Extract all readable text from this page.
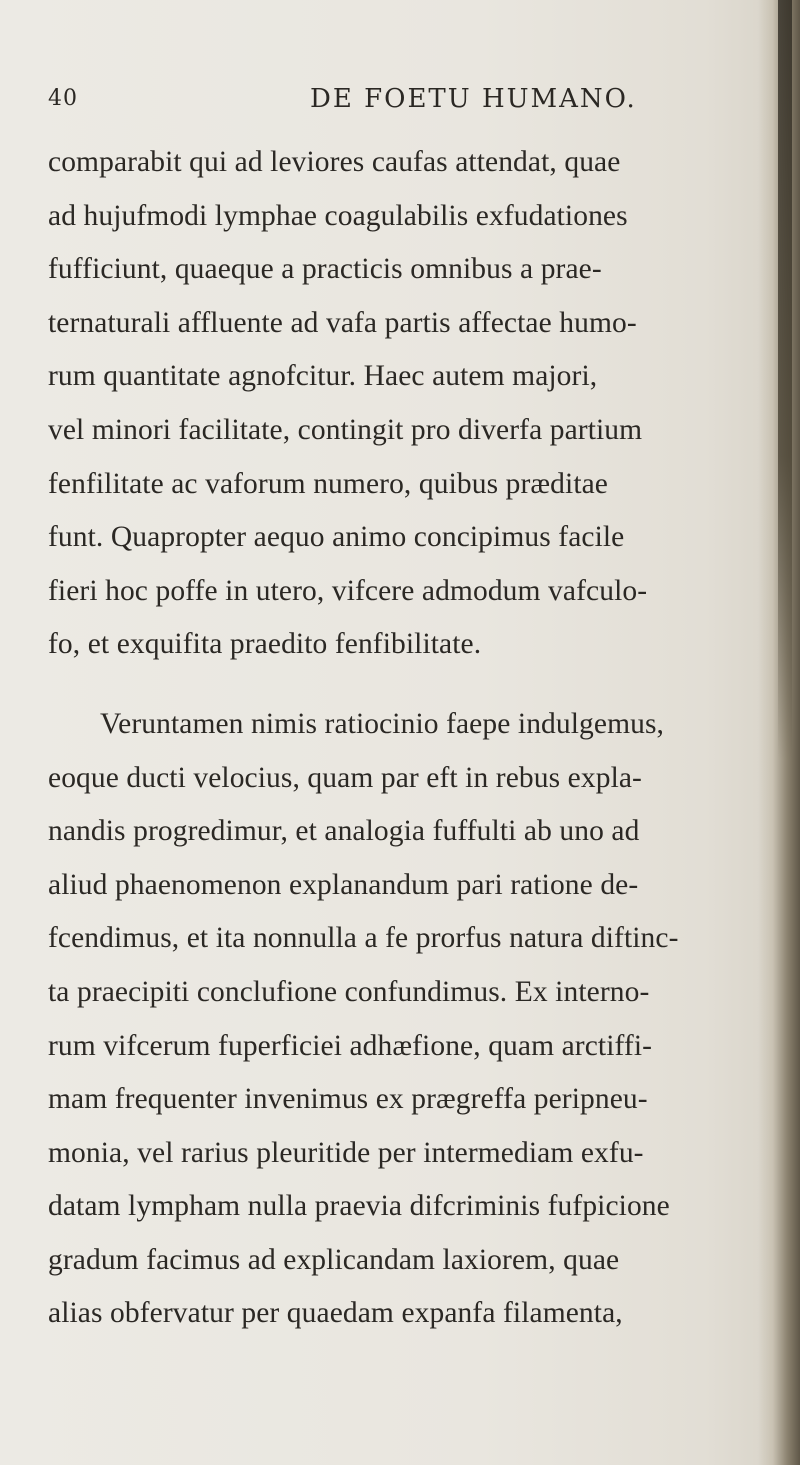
40	DE FOETU HUMANO.
comparabit qui ad leviores caufas attendat, quae
ad hujufmodi lymphae coagulabilis exfudationes
fufficiunt, quaeque a practicis omnibus a prae-
ternaturali affluente ad vafa partis affectae humo-
rum quantitate agnofcitur. Haec autem majori,
vel minori facilitate, contingit pro diverfa partium
fenfilitate ac vaforum numero, quibus præditae
funt. Quapropter aequo animo concipimus facile
fieri hoc poffe in utero, vifcere admodum vafculo-
fo, et exquifita praedito fenfibilitate.
Veruntamen nimis ratiocinio faepe indulgemus,
eoque ducti velocius, quam par eft in rebus expla-
nandis progredimur, et analogia fuffulti ab uno ad
aliud phaenomenon explanandum pari ratione de-
fcendimus, et ita nonnulla a fe prorfus natura diftinc-
ta praecipiti conclufione confundimus. Ex interno-
rum vifcerum fuperficiei adhæfione, quam arctiffi-
mam frequenter invenimus ex prægreffa peripneu-
monia, vel rarius pleuritide per intermediam exfu-
datam lympham nulla praevia difcriminis fufpicione
gradum facimus ad explicandam laxiorem, quae
alias obfervatur per quaedam expanfa filamenta,
